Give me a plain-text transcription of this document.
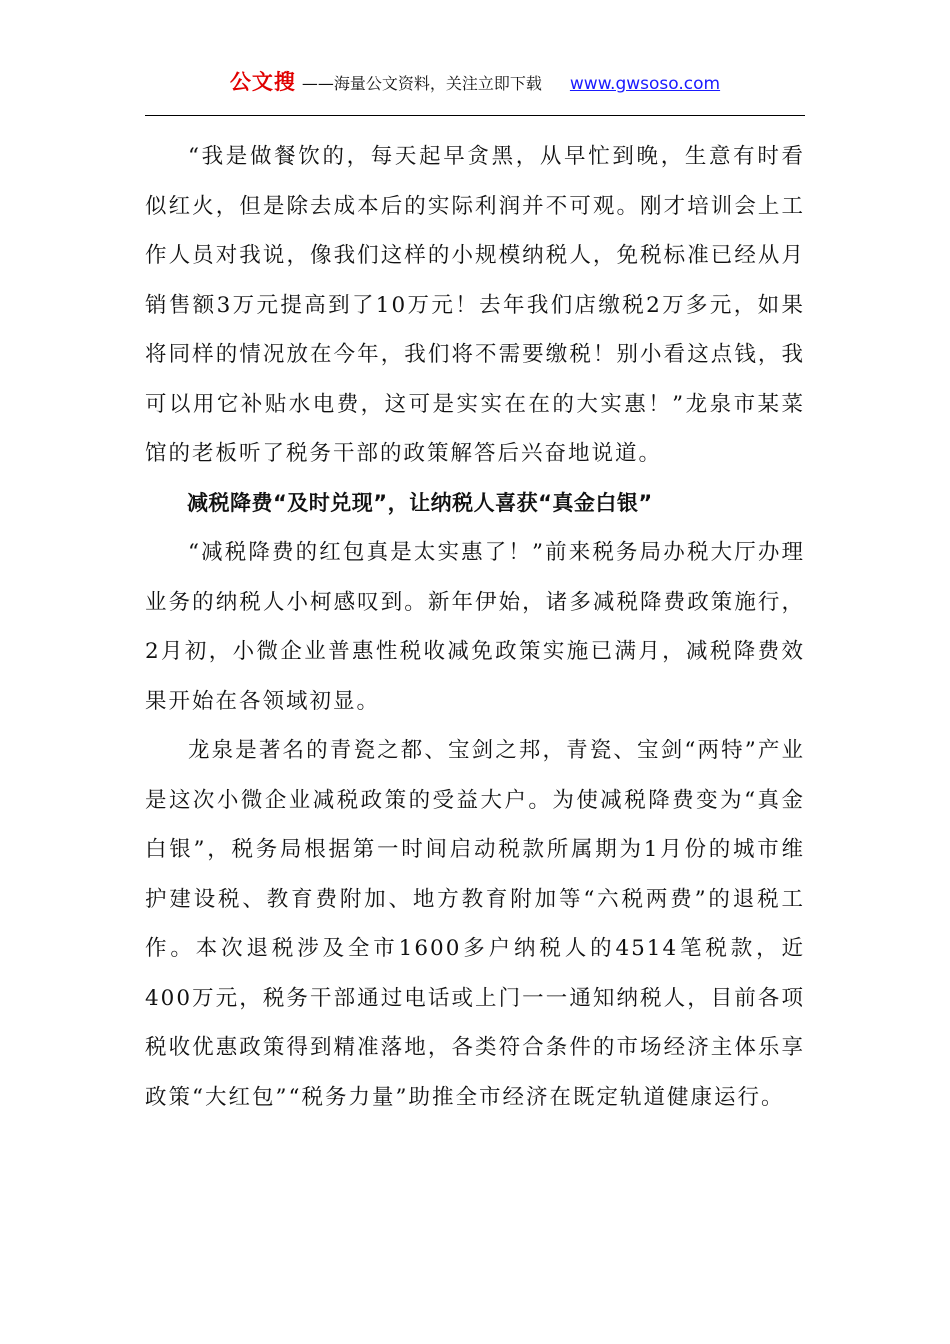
公文搜 ——海量公文资料，关注立即下载 www.gwsoso.com

“我是做餐饮的，每天起早贪黑，从早忙到晚，生意有时看似红火，但是除去成本后的实际利润并不可观。刚才培训会上工作人员对我说，像我们这样的小规模纳税人，免税标准已经从月销售额3万元提高到了10万元！去年我们店缴税2万多元，如果将同样的情况放在今年，我们将不需要缴税！别小看这点钱，我可以用它补贴水电费，这可是实实在在的大实惠！”龙泉市某菜馆的老板听了税务干部的政策解答后兴奋地说道。

减税降费“及时兑现”，让纳税人喜获“真金白银”

“减税降费的红包真是太实惠了！”前来税务局办税大厅办理业务的纳税人小柯感叹到。新年伊始，诸多减税降费政策施行，2月初，小微企业普惠性税收减免政策实施已满月，减税降费效果开始在各领域初显。

龙泉是著名的青瓷之都、宝剑之邦，青瓷、宝剑“两特”产业是这次小微企业减税政策的受益大户。为使减税降费变为“真金白银”，税务局根据第一时间启动税款所属期为1月份的城市维护建设税、教育费附加、地方教育附加等“六税两费”的退税工作。本次退税涉及全市1600多户纳税人的4514笔税款，近400万元，税务干部通过电话或上门一一通知纳税人，目前各项税收优惠政策得到精准落地，各类符合条件的市场经济主体乐享政策“大红包”“税务力量”助推全市经济在既定轨道健康运行。
